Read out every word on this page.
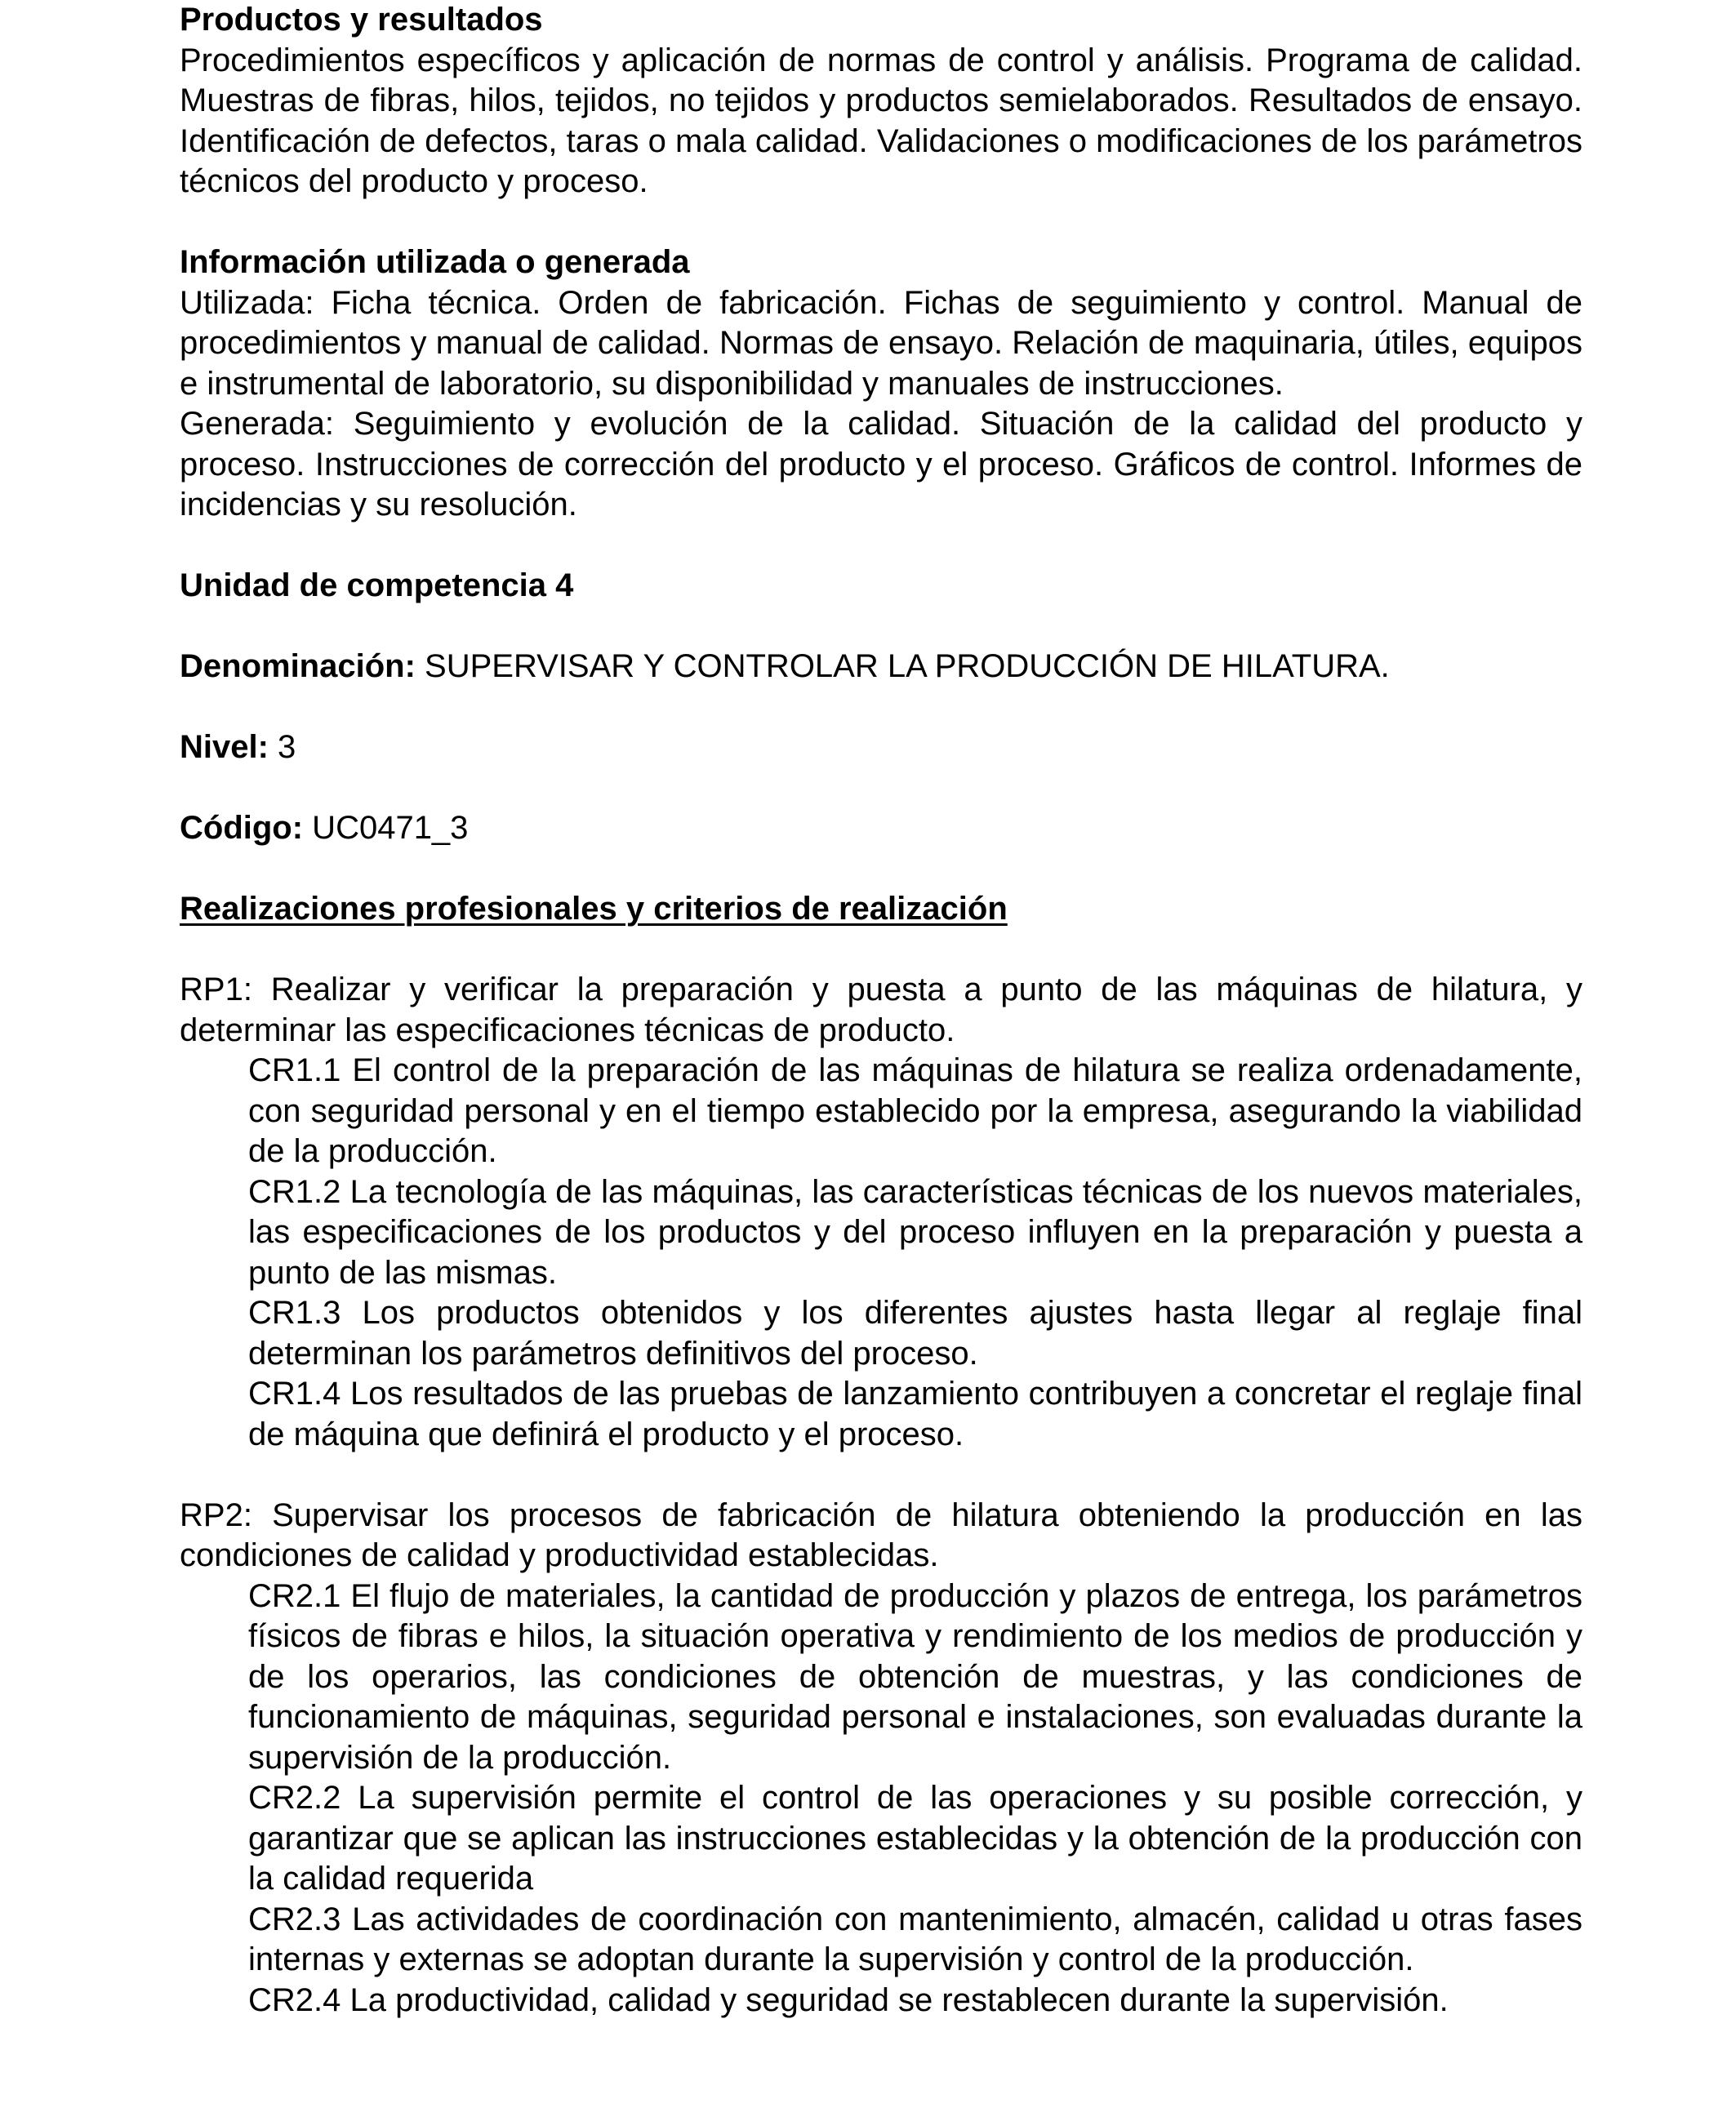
Productos y resultados

Procedimientos específicos y aplicación de normas de control y análisis. Programa de calidad. Muestras de fibras, hilos, tejidos, no tejidos y productos semielaborados. Resultados de ensayo. Identificación de defectos, taras o mala calidad. Validaciones o modificaciones de los parámetros técnicos del producto y proceso.

Información utilizada o generada

Utilizada: Ficha técnica. Orden de fabricación. Fichas de seguimiento y control. Manual de procedimientos y manual de calidad. Normas de ensayo. Relación de maquinaria, útiles, equipos e instrumental de laboratorio, su disponibilidad y manuales de instrucciones.

Generada: Seguimiento y evolución de la calidad. Situación de la calidad del producto y proceso. Instrucciones de corrección del producto y el proceso. Gráficos de control. Informes de incidencias y su resolución.

Unidad de competencia 4

Denominación: SUPERVISAR Y CONTROLAR LA PRODUCCIÓN DE HILATURA.

Nivel: 3

Código: UC0471_3

Realizaciones profesionales y criterios de realización

RP1: Realizar y verificar la preparación y puesta a punto de las máquinas de hilatura, y determinar las especificaciones técnicas de producto.

CR1.1 El control de la preparación de las máquinas de hilatura se realiza ordenadamente, con seguridad personal y en el tiempo establecido por la empresa, asegurando la viabilidad de la producción.

CR1.2 La tecnología de las máquinas, las características técnicas de los nuevos materiales, las especificaciones de los productos y del proceso influyen en la preparación y puesta a punto de las mismas.

CR1.3 Los productos obtenidos y los diferentes ajustes hasta llegar al reglaje final determinan los parámetros definitivos del proceso.

CR1.4 Los resultados de las pruebas de lanzamiento contribuyen a concretar el reglaje final de máquina que definirá el producto y el proceso.

RP2: Supervisar los procesos de fabricación de hilatura obteniendo la producción en las condiciones de calidad y productividad establecidas.

CR2.1 El flujo de materiales, la cantidad de producción y plazos de entrega, los parámetros físicos de fibras e hilos, la situación operativa y rendimiento de los medios de producción y de los operarios, las condiciones de obtención de muestras, y las condiciones de funcionamiento de máquinas, seguridad personal e instalaciones, son evaluadas durante la supervisión de la producción.

CR2.2 La supervisión permite el control de las operaciones y su posible corrección, y garantizar que se aplican las instrucciones establecidas y la obtención de la producción con la calidad requerida

CR2.3 Las actividades de coordinación con mantenimiento, almacén, calidad u otras fases internas y externas se adoptan durante la supervisión y control de la producción.

CR2.4 La productividad, calidad y seguridad se restablecen durante la supervisión.
